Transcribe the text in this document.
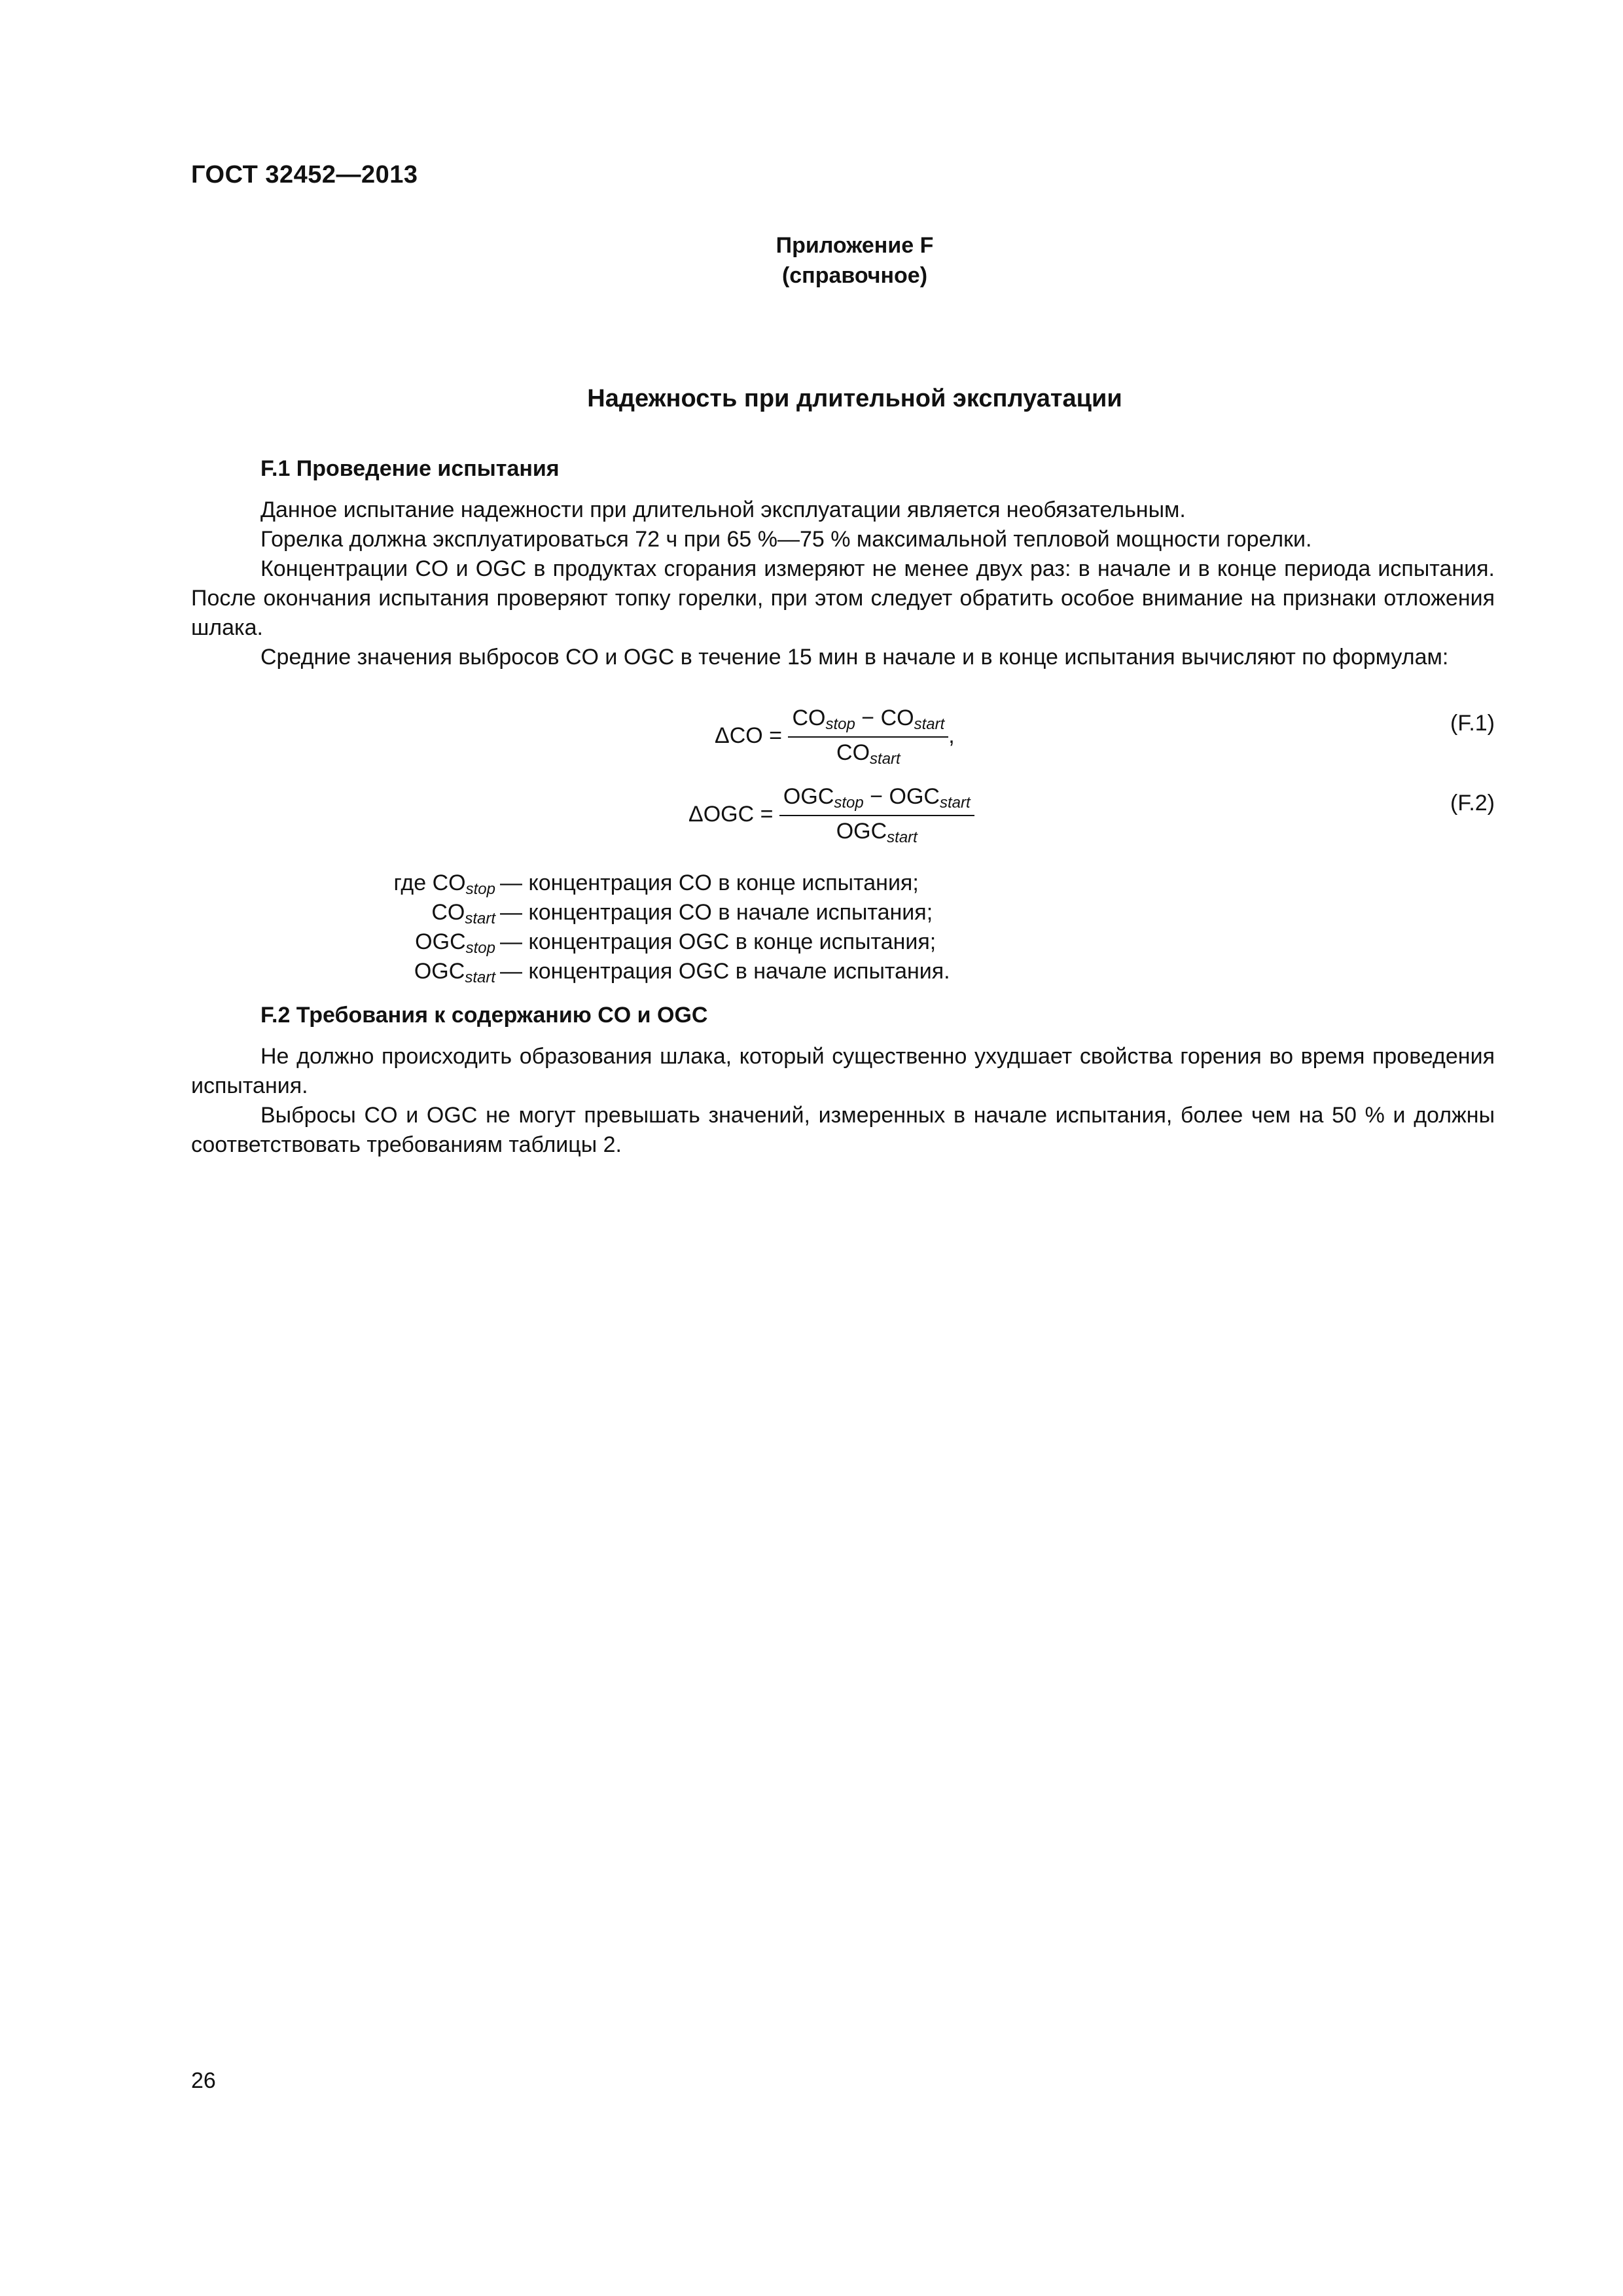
ГОСТ 32452—2013
Приложение F
(справочное)
Надежность при длительной эксплуатации
F.1 Проведение испытания
Данное испытание надежности при длительной эксплуатации является необязательным.
Горелка должна эксплуатироваться 72 ч при 65 %—75 % максимальной тепловой мощности горелки.
Концентрации CO и OGC в продуктах сгорания измеряют не менее двух раз: в начале и в конце периода испытания. После окончания испытания проверяют топку горелки, при этом следует обратить особое внимание на признаки отложения шлака.
Средние значения выбросов CO и OGC в течение 15 мин в начале и в конце испытания вычисляют по формулам:
$\Delta CO = \frac{CO_{stop} - CO_{start}}{CO_{start}}$ ,	(F.1)
$\Delta OGC = \frac{OGC_{stop} - OGC_{start}}{OGC_{start}}$	(F.2)
где $CO_{stop}$ — концентрация CO в конце испытания;
$CO_{start}$ — концентрация CO в начале испытания;
$OGC_{stop}$ — концентрация OGC в конце испытания;
$OGC_{start}$ — концентрация OGC в начале испытания.
F.2 Требования к содержанию CO и OGC
Не должно происходить образования шлака, который существенно ухудшает свойства горения во время проведения испытания.
Выбросы CO и OGC не могут превышать значений, измеренных в начале испытания, более чем на 50 % и должны соответствовать требованиям таблицы 2.
26
